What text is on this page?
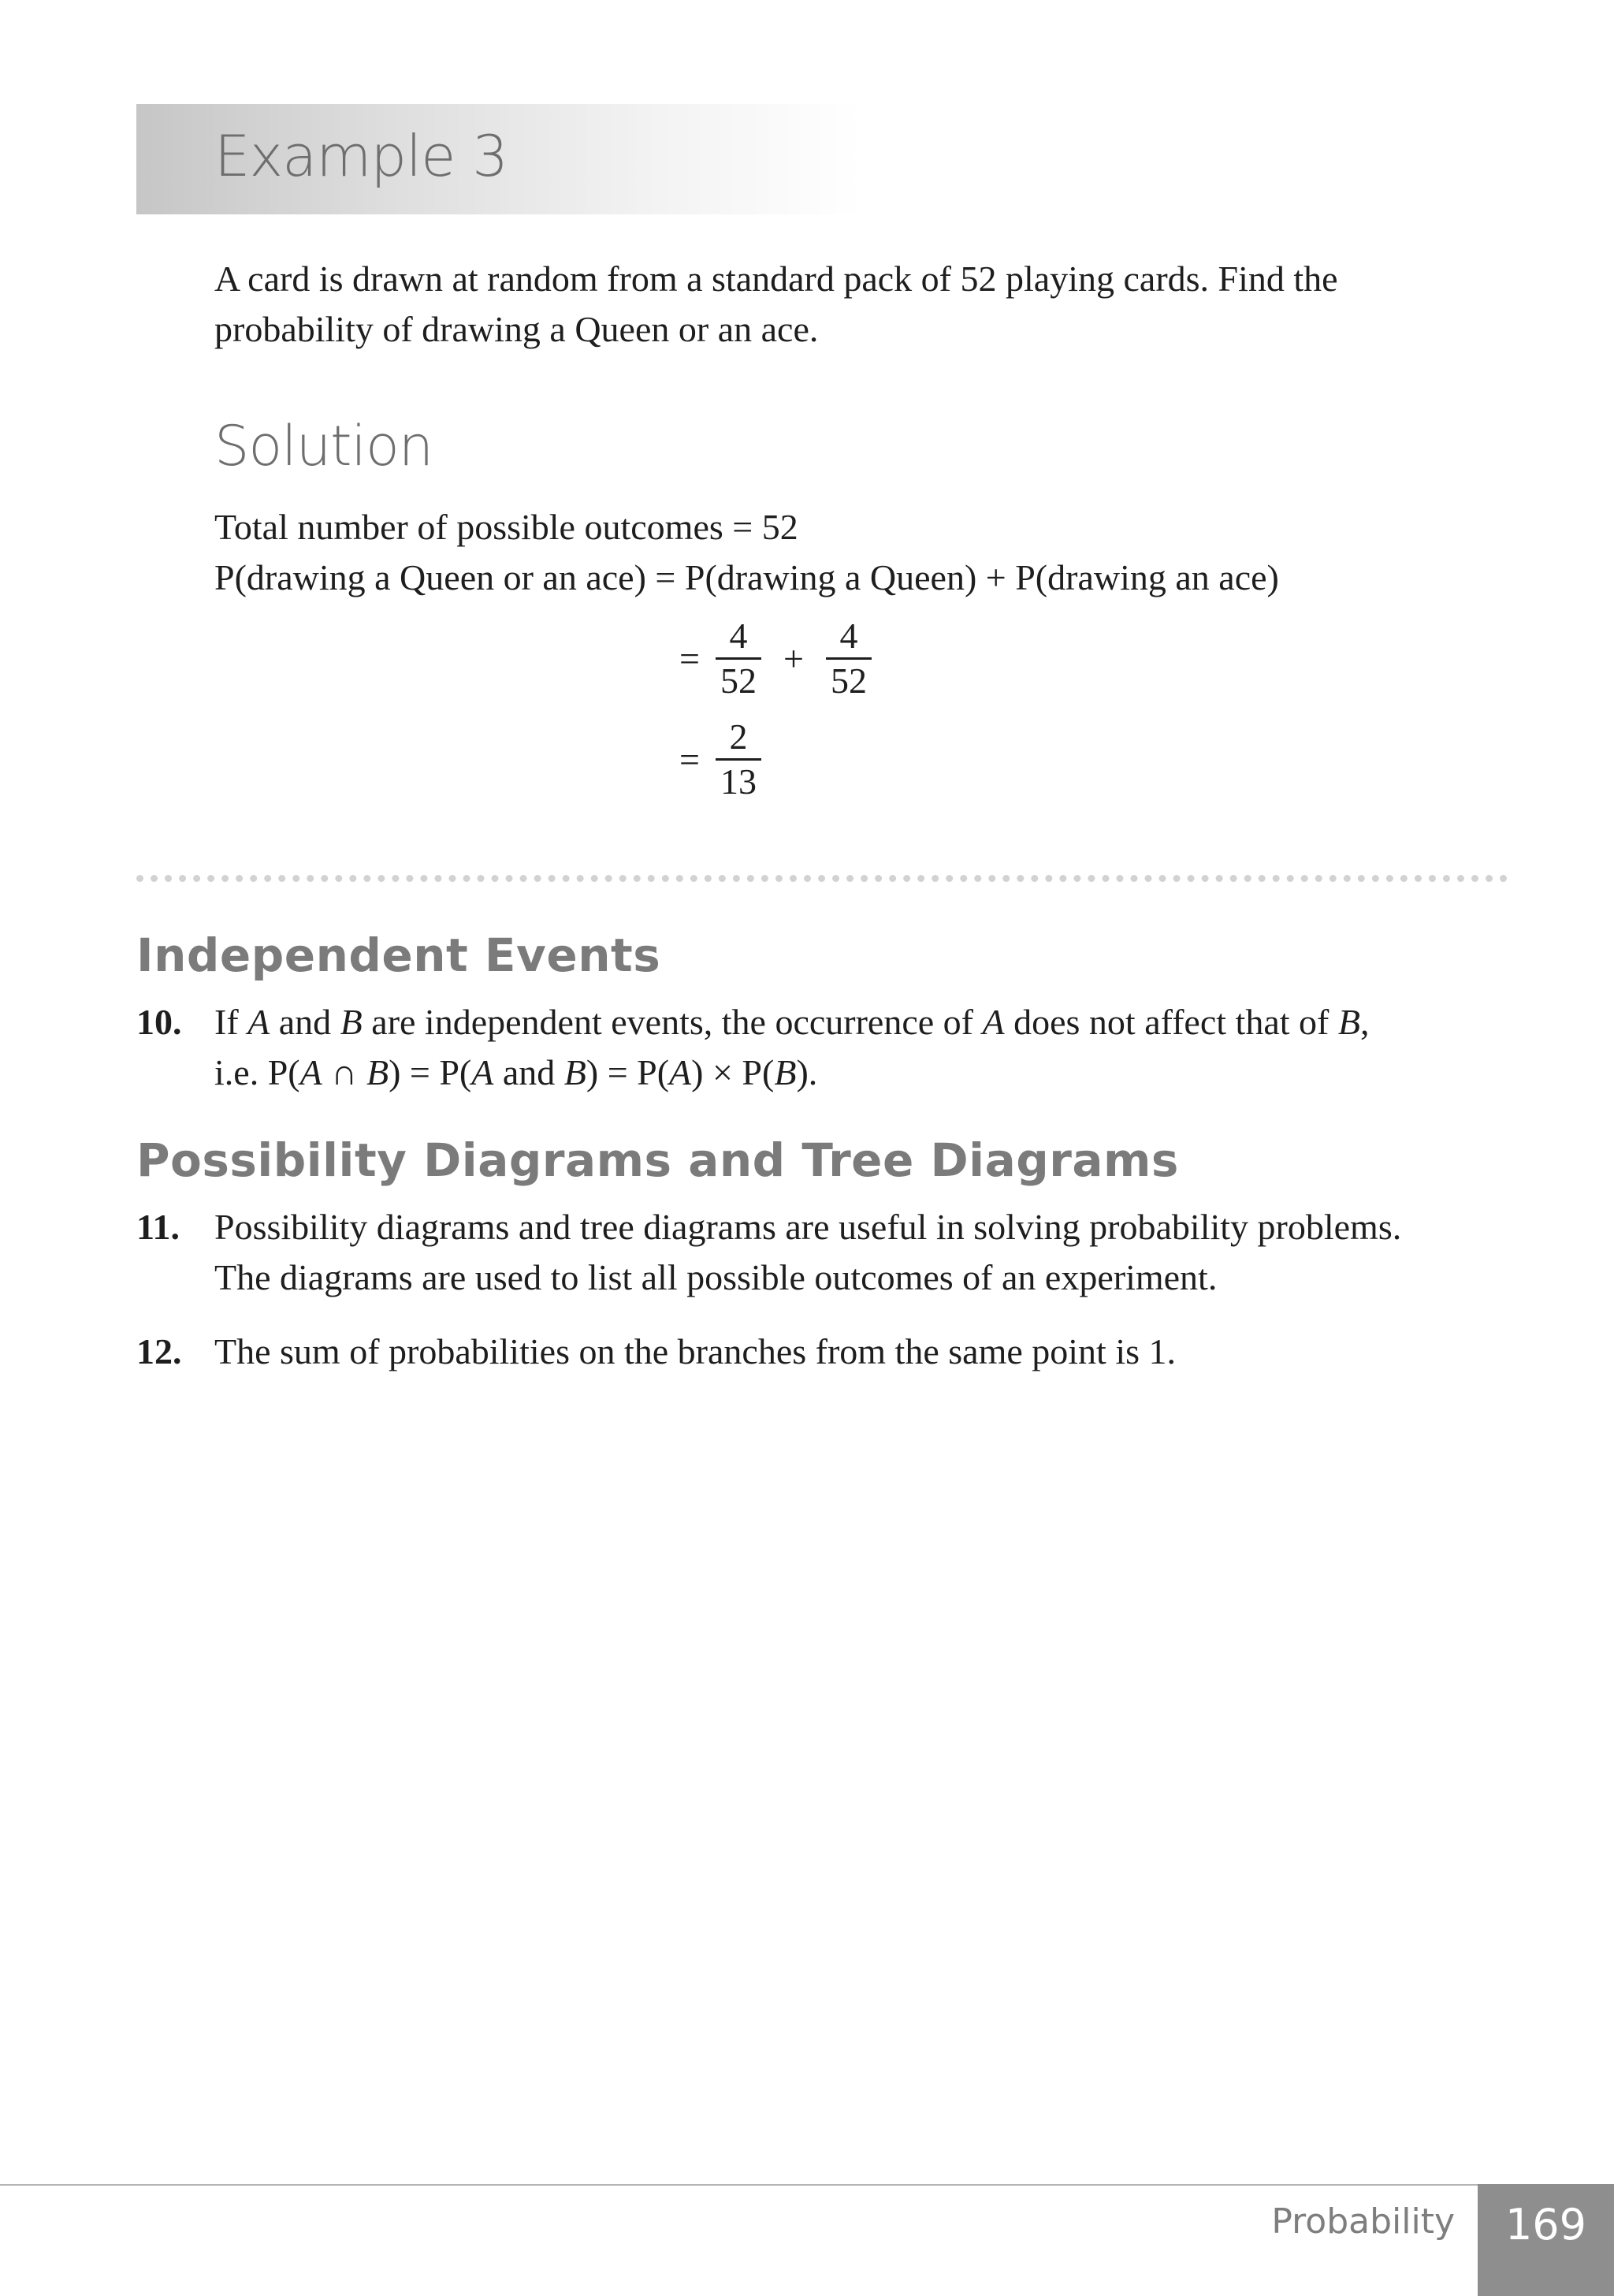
Example 3
A card is drawn at random from a standard pack of 52 playing cards. Find the
probability of drawing a Queen or an ace.
Solution
Total number of possible outcomes = 52
P(drawing a Queen or an ace) = P(drawing a Queen) + P(drawing an ace)
= $\frac{4}{52} + \frac{4}{52}$
= $\frac{2}{13}$
Independent Events
10. If A and B are independent events, the occurrence of A does not affect that of B,
i.e. P(A ∩ B) = P(A and B) = P(A) × P(B).
Possibility Diagrams and Tree Diagrams
11. Possibility diagrams and tree diagrams are useful in solving probability problems.
The diagrams are used to list all possible outcomes of an experiment.
12. The sum of probabilities on the branches from the same point is 1.
Probability	169
